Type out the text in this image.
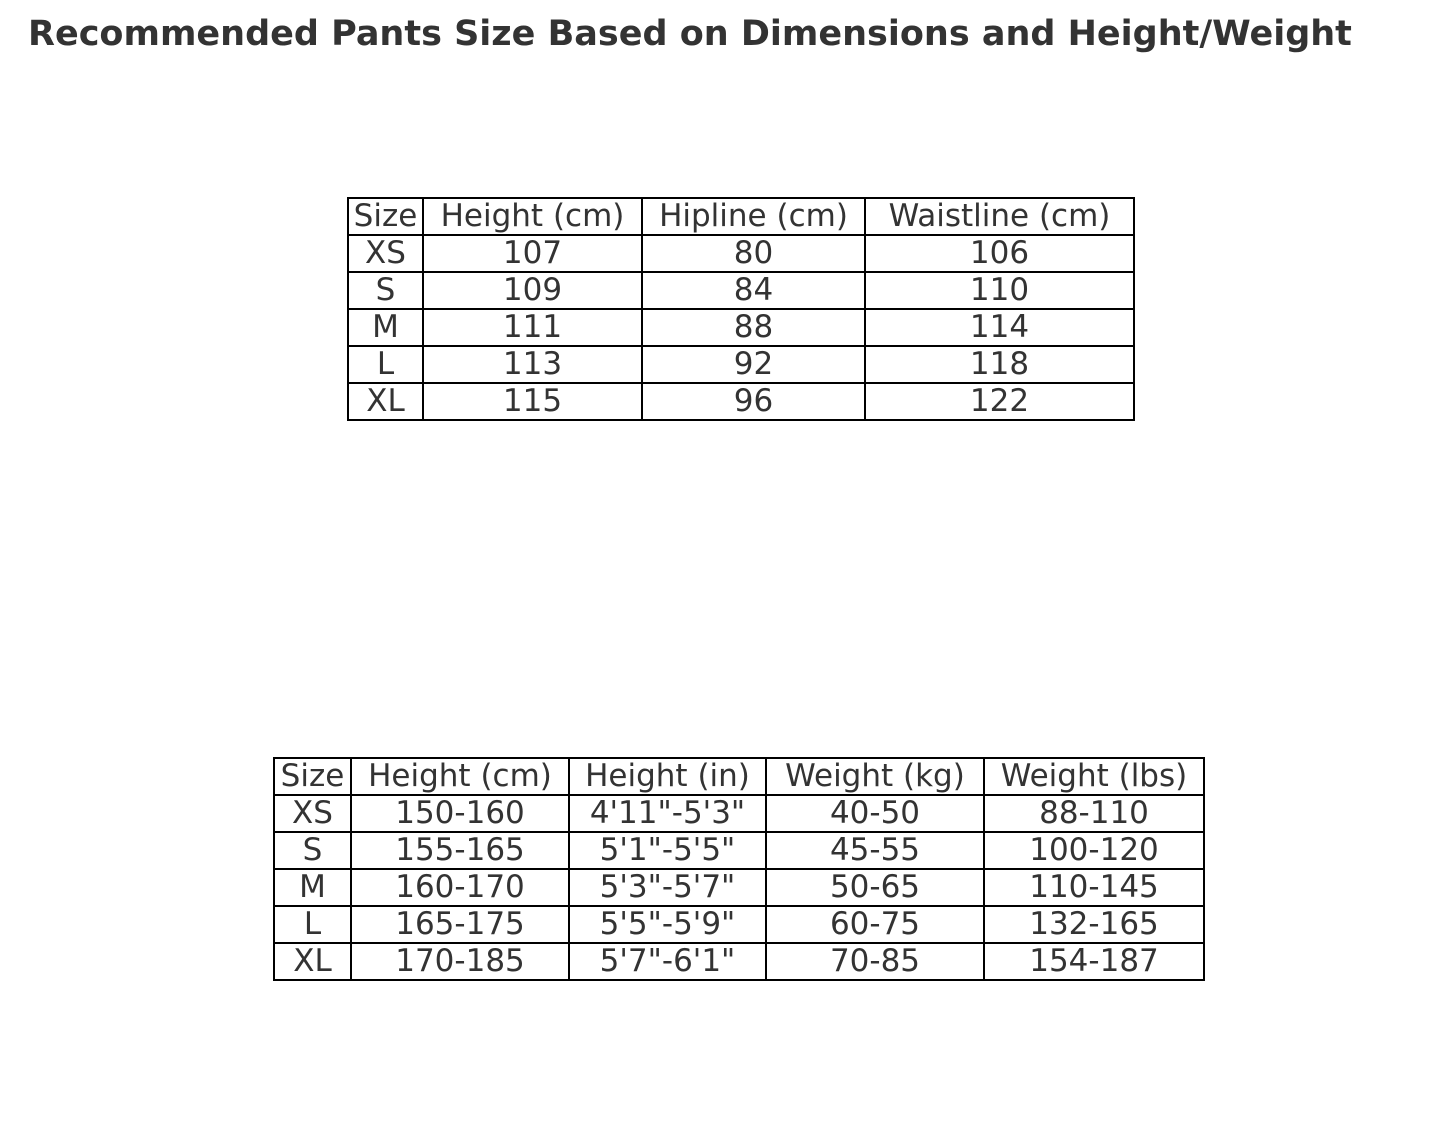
Recommended Pants Size Based on Dimensions and Height/Weight
Size	Height (cm)	Hipline (cm)	Waistline (cm)
XS	107	80	106
S	109	84	110
M	111	88	114
L	113	92	118
XL	115	96	122
Size	Height (cm)	Height (in)	Weight (kg)	Weight (lbs)
XS	150-160	4'11"-5'3"	40-50	88-110
S	155-165	5'1"-5'5"	45-55	100-120
M	160-170	5'3"-5'7"	50-65	110-145
L	165-175	5'5"-5'9"	60-75	132-165
XL	170-185	5'7"-6'1"	70-85	154-187
